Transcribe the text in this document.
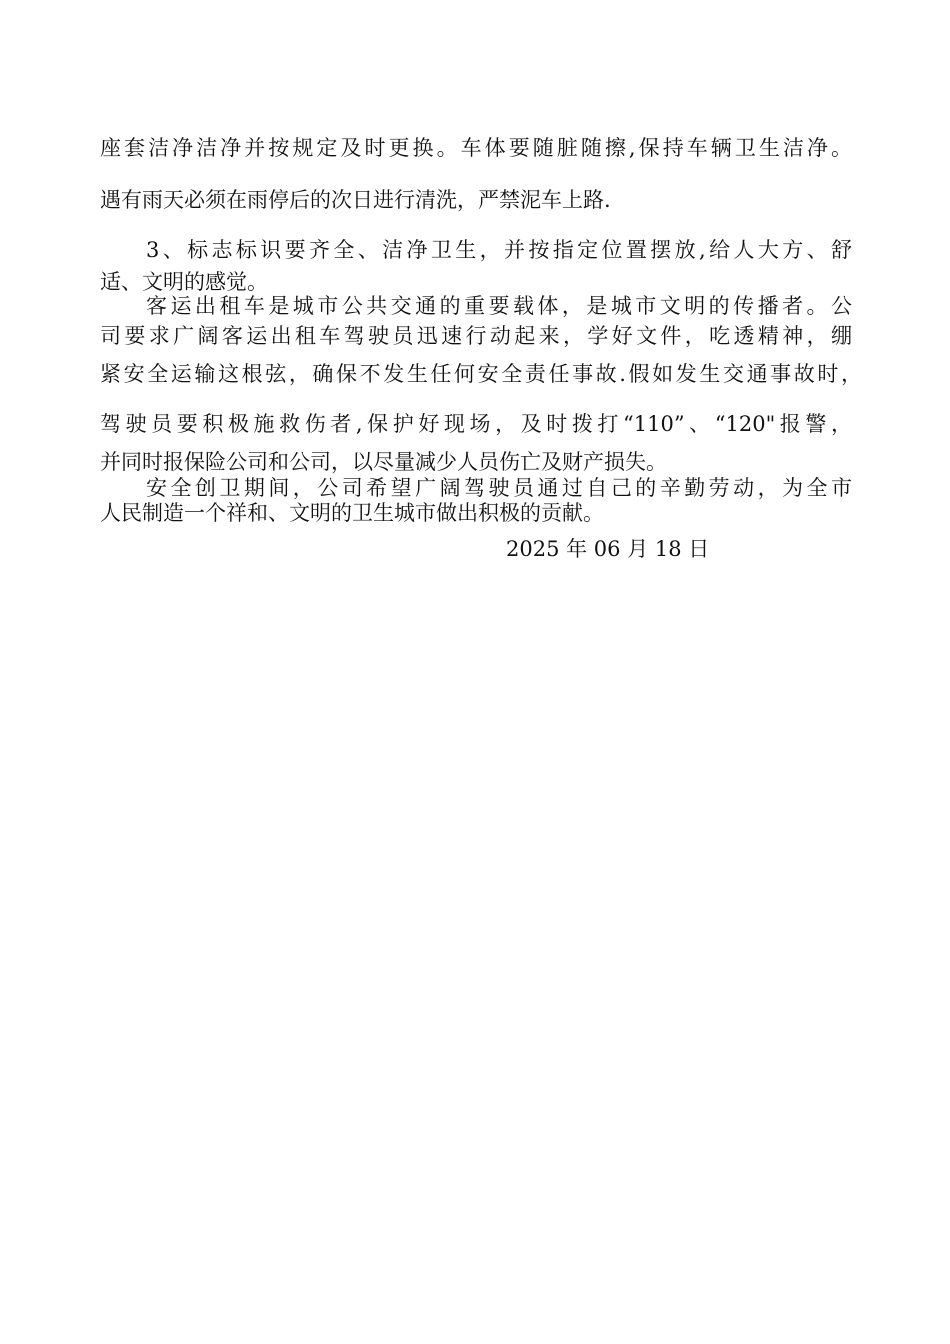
座套洁净洁净并按规定及时更换。车体要随脏随擦,保持车辆卫生洁净。
遇有雨天必须在雨停后的次日进行清洗，严禁泥车上路.
3、标志标识要齐全、洁净卫生，并按指定位置摆放,给人大方、舒
适、文明的感觉。
客运出租车是城市公共交通的重要载体，是城市文明的传播者。公
司要求广阔客运出租车驾驶员迅速行动起来，学好文件，吃透精神，绷
紧安全运输这根弦，确保不发生任何安全责任事故.假如发生交通事故时，
驾驶员要积极施救伤者,保护好现场，及时拨打“110”、“120"报警，
并同时报保险公司和公司，以尽量减少人员伤亡及财产损失。
安全创卫期间，公司希望广阔驾驶员通过自己的辛勤劳动，为全市
人民制造一个祥和、文明的卫生城市做出积极的贡献。
2025 年 06 月 18 日
